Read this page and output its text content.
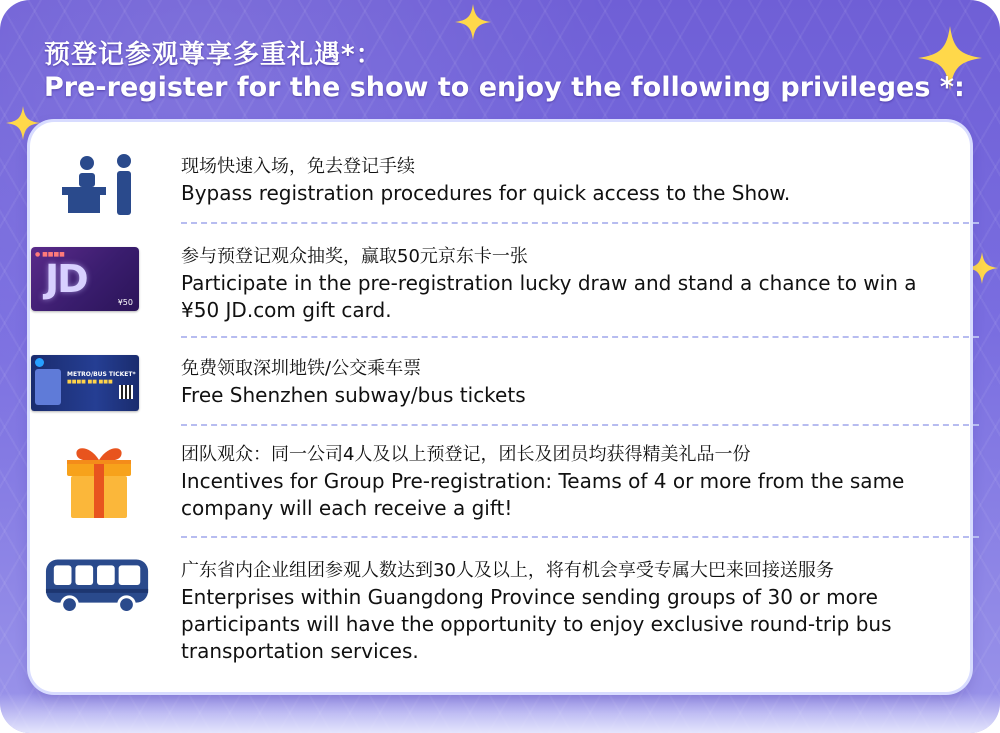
预登记参观尊享多重礼遇*：
Pre-register for the show to enjoy the following privileges *:
现场快速入场，免去登记手续
Bypass registration procedures for quick access to the Show.
● ■■■■
JD
¥50
参与预登记观众抽奖，赢取50元京东卡一张
Participate in the pre-registration lucky draw and stand a chance to win a ¥50 JD.com gift card.
METRO/BUS TICKET*
■■■■ ■■ ■■■
免费领取深圳地铁/公交乘车票
Free Shenzhen subway/bus tickets
团队观众：同一公司4人及以上预登记，团长及团员均获得精美礼品一份
Incentives for Group Pre-registration: Teams of 4 or more from the same company will each receive a gift!
广东省内企业组团参观人数达到30人及以上，将有机会享受专属大巴来回接送服务
Enterprises within Guangdong Province sending groups of 30 or more participants will have the opportunity to enjoy exclusive round-trip bus transportation services.
